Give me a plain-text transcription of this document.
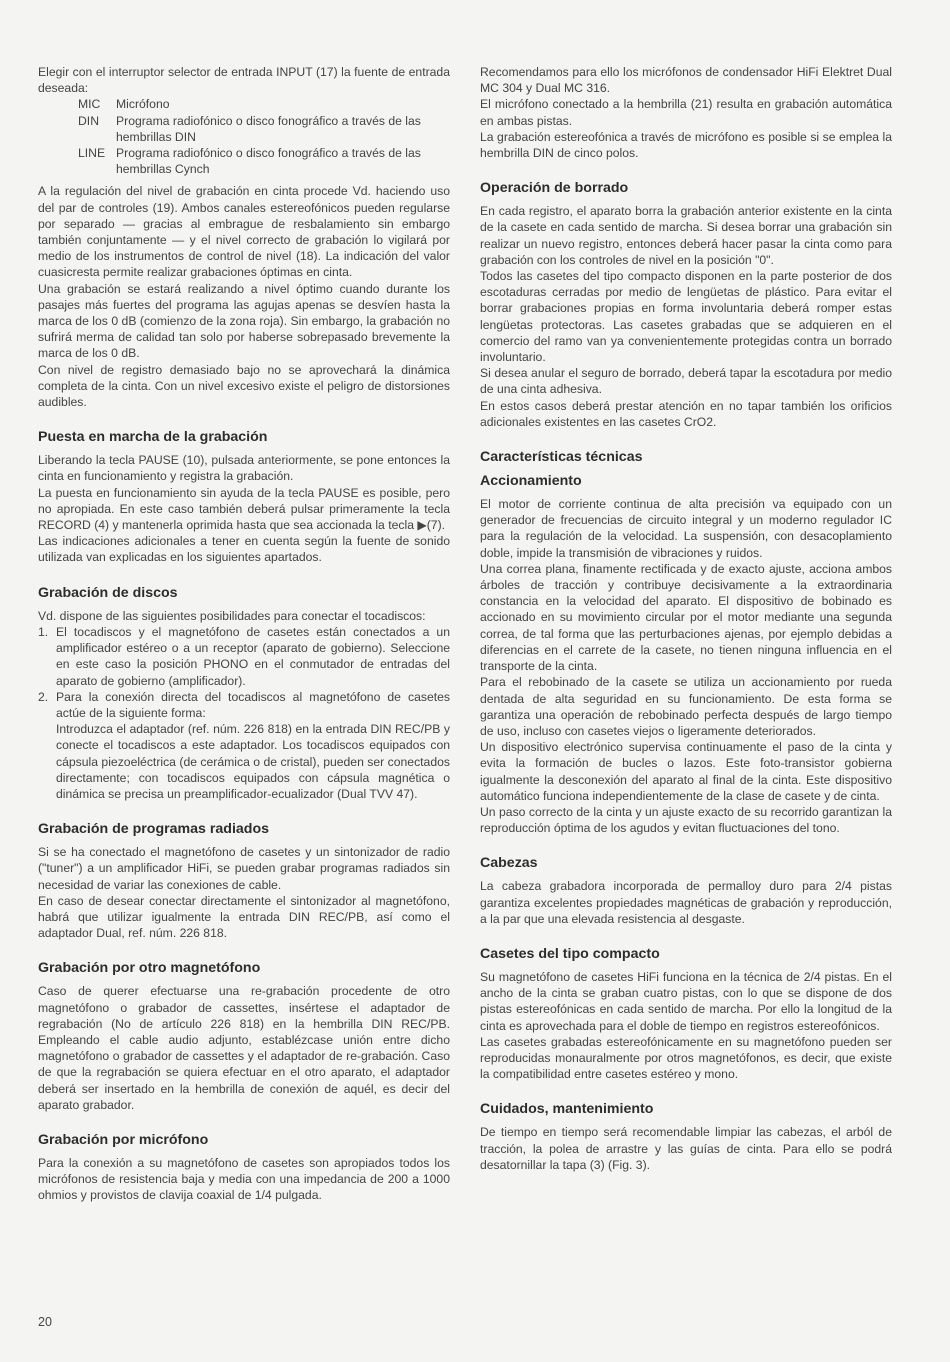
Elegir con el interruptor selector de entrada INPUT (17) la fuente de entrada deseada:

MIC	Micrófono
DIN	Programa radiofónico o disco fonográfico a través de las hembrillas DIN
LINE	Programa radiofónico o disco fonográfico a través de las hembrillas Cynch

A la regulación del nivel de grabación en cinta procede Vd. haciendo uso del par de controles (19). Ambos canales estereofónicos pueden regularse por separado — gracias al embrague de resbalamiento sin embargo también conjuntamente — y el nivel correcto de grabación lo vigilará por medio de los instrumentos de control de nivel (18). La indicación del valor cuasicresta permite realizar grabaciones óptimas en cinta.

Una grabación se estará realizando a nivel óptimo cuando durante los pasajes más fuertes del programa las agujas apenas se desvíen hasta la marca de los 0 dB (comienzo de la zona roja). Sin embargo, la grabación no sufrirá merma de calidad tan solo por haberse sobrepasado brevemente la marca de los 0 dB.

Con nivel de registro demasiado bajo no se aprovechará la dinámica completa de la cinta. Con un nivel excesivo existe el peligro de distorsiones audibles.

Puesta en marcha de la grabación

Liberando la tecla PAUSE (10), pulsada anteriormente, se pone entonces la cinta en funcionamiento y registra la grabación.

La puesta en funcionamiento sin ayuda de la tecla PAUSE es posible, pero no apropiada. En este caso también deberá pulsar primeramente la tecla RECORD (4) y mantenerla oprimida hasta que sea accionada la tecla ▶(7).

Las indicaciones adicionales a tener en cuenta según la fuente de sonido utilizada van explicadas en los siguientes apartados.

Grabación de discos

Vd. dispone de las siguientes posibilidades para conectar el tocadiscos:

1. El tocadiscos y el magnetófono de casetes están conectados a un amplificador estéreo o a un receptor (aparato de gobierno). Seleccione en este caso la posición PHONO en el conmutador de entradas del aparato de gobierno (amplificador).

2. Para la conexión directa del tocadiscos al magnetófono de casetes actúe de la siguiente forma:

Introduzca el adaptador (ref. núm. 226 818) en la entrada DIN REC/PB y conecte el tocadiscos a este adaptador. Los tocadiscos equipados con cápsula piezoeléctrica (de cerámica o de cristal), pueden ser conectados directamente; con tocadiscos equipados con cápsula magnética o dinámica se precisa un preamplificador-ecualizador (Dual TVV 47).

Grabación de programas radiados

Si se ha conectado el magnetófono de casetes y un sintonizador de radio ("tuner") a un amplificador HiFi, se pueden grabar programas radiados sin necesidad de variar las conexiones de cable.

En caso de desear conectar directamente el sintonizador al magnetófono, habrá que utilizar igualmente la entrada DIN REC/PB, así como el adaptador Dual, ref. núm. 226 818.

Grabación por otro magnetófono

Caso de querer efectuarse una re-grabación procedente de otro magnetófono o grabador de cassettes, insértese el adaptador de regrabación (No de artículo 226 818) en la hembrilla DIN REC/PB. Empleando el cable audio adjunto, establézcase unión entre dicho magnetófono o grabador de cassettes y el adaptador de re-grabación. Caso de que la regrabación se quiera efectuar en el otro aparato, el adaptador deberá ser insertado en la hembrilla de conexión de aquél, es decir del aparato grabador.

Grabación por micrófono

Para la conexión a su magnetófono de casetes son apropiados todos los micrófonos de resistencia baja y media con una impedancia de 200 a 1000 ohmios y provistos de clavija coaxial de 1/4 pulgada.

Recomendamos para ello los micrófonos de condensador HiFi Elektret Dual MC 304 y Dual MC 316.

El micrófono conectado a la hembrilla (21) resulta en grabación automática en ambas pistas.

La grabación estereofónica a través de micrófono es posible si se emplea la hembrilla DIN de cinco polos.

Operación de borrado

En cada registro, el aparato borra la grabación anterior existente en la cinta de la casete en cada sentido de marcha. Si desea borrar una grabación sin realizar un nuevo registro, entonces deberá hacer pasar la cinta como para grabación con los controles de nivel en la posición "0".

Todos las casetes del tipo compacto disponen en la parte posterior de dos escotaduras cerradas por medio de lengüetas de plástico. Para evitar el borrar grabaciones propias en forma involuntaria deberá romper estas lengüetas protectoras. Las casetes grabadas que se adquieren en el comercio del ramo van ya convenientemente protegidas contra un borrado involuntario.

Si desea anular el seguro de borrado, deberá tapar la escotadura por medio de una cinta adhesiva.

En estos casos deberá prestar atención en no tapar también los orificios adicionales existentes en las casetes CrO2.

Características técnicas
Accionamiento

El motor de corriente continua de alta precisión va equipado con un generador de frecuencias de circuito integral y un moderno regulador IC para la regulación de la velocidad. La suspensión, con desacoplamiento doble, impide la transmisión de vibraciones y ruidos.

Una correa plana, finamente rectificada y de exacto ajuste, acciona ambos árboles de tracción y contribuye decisivamente a la extraordinaria constancia en la velocidad del aparato. El dispositivo de bobinado es accionado en su movimiento circular por el motor mediante una segunda correa, de tal forma que las perturbaciones ajenas, por ejemplo debidas a diferencias en el carrete de la casete, no tienen ninguna influencia en el transporte de la cinta.

Para el rebobinado de la casete se utiliza un accionamiento por rueda dentada de alta seguridad en su funcionamiento. De esta forma se garantiza una operación de rebobinado perfecta después de largo tiempo de uso, incluso con casetes viejos o ligeramente deteriorados.

Un dispositivo electrónico supervisa continuamente el paso de la cinta y evita la formación de bucles o lazos. Este foto-transistor gobierna igualmente la desconexión del aparato al final de la cinta. Este dispositivo automático funciona independientemente de la clase de casete y de cinta.

Un paso correcto de la cinta y un ajuste exacto de su recorrido garantizan la reproducción óptima de los agudos y evitan fluctuaciones del tono.

Cabezas

La cabeza grabadora incorporada de permalloy duro para 2/4 pistas garantiza excelentes propiedades magnéticas de grabación y reproducción, a la par que una elevada resistencia al desgaste.

Casetes del tipo compacto

Su magnetófono de casetes HiFi funciona en la técnica de 2/4 pistas. En el ancho de la cinta se graban cuatro pistas, con lo que se dispone de dos pistas estereofónicas en cada sentido de marcha. Por ello la longitud de la cinta es aprovechada para el doble de tiempo en registros estereofónicos.

Las casetes grabadas estereofónicamente en su magnetófono pueden ser reproducidas monauralmente por otros magnetófonos, es decir, que existe la compatibilidad entre casetes estéreo y mono.

Cuidados, mantenimiento

De tiempo en tiempo será recomendable limpiar las cabezas, el arból de tracción, la polea de arrastre y las guías de cinta. Para ello se podrá desatornillar la tapa (3) (Fig. 3).

20
